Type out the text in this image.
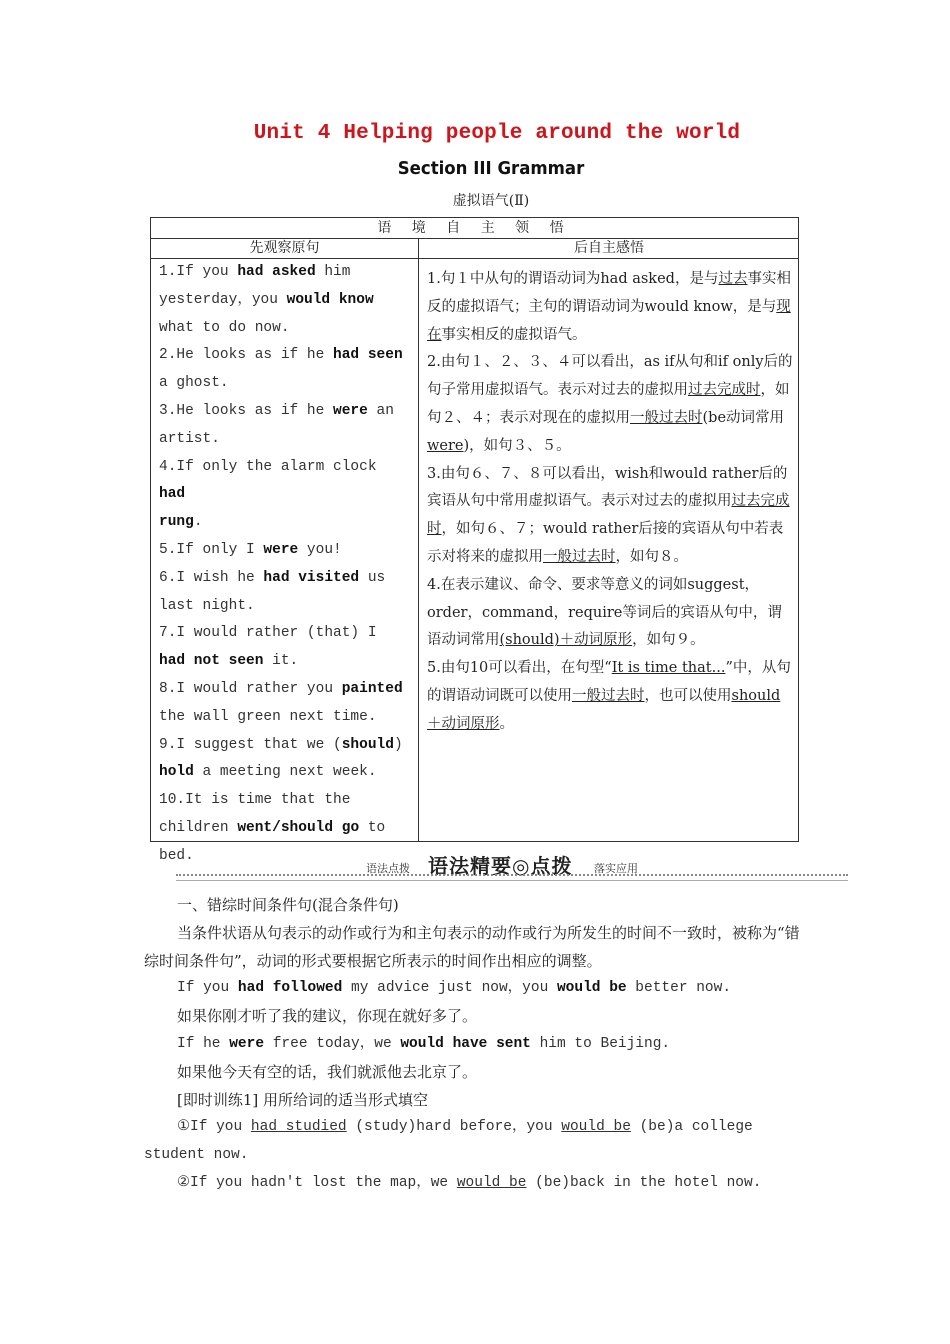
Unit 4 Helping people around the world
Section III Grammar
虚拟语气(Ⅱ)
语 境 自 主 领 悟
先观察原句	后自主感悟
1.If you had asked him
yesterday，you would know
what to do now.
2.He looks as if he had seen
a ghost.
3.He looks as if he were an
artist.
4.If only the alarm clock had
rung.
5.If only I were you!
6.I wish he had visited us
last night.
7.I would rather (that) I
had not seen it.
8.I would rather you painted
the wall green next time.
9.I suggest that we (should)
hold a meeting next week.
10.It is time that the
children went/should go to
bed.

1.句１中从句的谓语动词为had asked，是与过去事实相反的虚拟语气；主句的谓语动词为would know，是与现在事实相反的虚拟语气。

2.由句１、２、３、４可以看出，as if从句和if only后的句子常用虚拟语气。表示对过去的虚拟用过去完成时，如句２、４；表示对现在的虚拟用一般过去时(be动词常用were)，如句３、５。

3.由句６、７、８可以看出，wish和would rather后的宾语从句中常用虚拟语气。表示对过去的虚拟用过去完成时，如句６、７；would rather后接的宾语从句中若表示对将来的虚拟用一般过去时，如句８。

4.在表示建议、命令、要求等意义的词如suggest，order，command，require等词后的宾语从句中，谓语动词常用(should)＋动词原形，如句９。

5.由句10可以看出，在句型“It is time that...”中，从句的谓语动词既可以使用一般过去时，也可以使用should＋动词原形。

语法点拨 语法精要◎点拨 落实应用

一、错综时间条件句(混合条件句)

当条件状语从句表示的动作或行为和主句表示的动作或行为所发生的时间不一致时，被称为“错综时间条件句”，动词的形式要根据它所表示的时间作出相应的调整。

If you had followed my advice just now，you would be better now.

如果你刚才听了我的建议，你现在就好多了。

If he were free today，we would have sent him to Beijing.

如果他今天有空的话，我们就派他去北京了。

[即时训练1] 用所给词的适当形式填空

①If you had studied (study)hard before，you would be (be)a college student now.

②If you hadn't lost the map，we would be (be)back in the hotel now.
